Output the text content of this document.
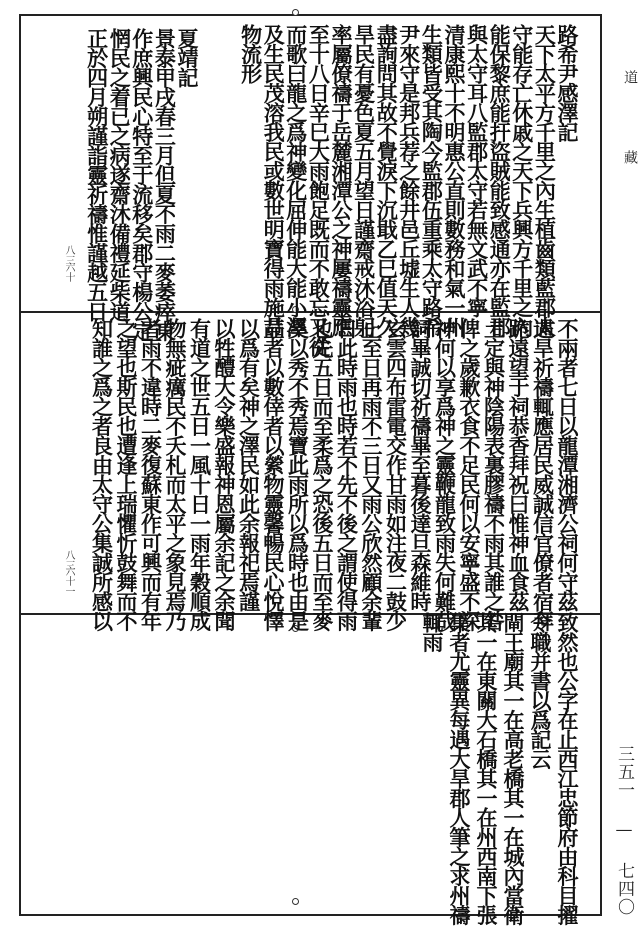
道
藏
三五一 — 七四〇
路希尹感澤記
天下太平方千里之內生植齒類藍郡太
守能存亡休戚之天下兵興方千里之內
能保黎庶能扞盜賊能致感通亦在監郡
與太守耳八監郡太守若無文武不寧
清康熙十不明惠公直則數務和氣一州
生類皆受其陶今監郡伍重乘太守路希
尹來守是邦兵荐之餘井邑丘墟生人幾
盡詢問其故不覺淚下沉戢乙巳值天久
旱民有憂色夏五月望日謹齋戒沐浴躬
率屬僚禱于岳麓湘潭公之神屢禱靈應
至十八日辛巳大雨飽足既而不敢忘又從
而歌曰龍之爲神變化屈伸能大能小澤
及生民茂溶我民或數世明寶得雨施品
物流形
夏靖記
景泰甲戌春三月但夏不雨二麥萎瘁東
作庶興民心特至于流移矣郡守楊公定
惘民之着已之病遂齋沐備禮延柴道
正於四月朔謹詣靈祈禱惟謹越五日
不兩者七日以龍潭湘濟公祠何守茲
遇旱祈禱輒應居民威誠信官僚者宿拜
跪遠望于祠恭香拜祝曰惟神血食茲
土定與神陰陽表裏膠禱不雨其誰之咎
俾之歲歉衣食不足民何以安寧盛不深
神何以享爲神之靈鞭龍致雨失何難哉
詞畢誠切祈禱畢至暮後達旦森維時
玄雲四布雷電交作甘雨如注夜二鼓少
止至日再雨不三日又雨公欣然顧余輩
日此時雨也時若不先不後之謂使得雨
也先五日而至柔爲之恐後五日而至麥
奚以秀不秀焉寶此雨所以爲時也由是
荳者以數倖者以縈物靈馨暢民心悅懌
以爲有矣神之澤民如此余報祀焉謹
以牲醴大令樂盛報神恩屬余記之余聞
有道之世五日一風十日一雨年穀順成
物無疵癘民不夭札而太平之象見焉乃
者雨不違時二麥復蘇東作可興而有年
之望也斯民也遭逢上瑞懼忻鼓舞而不
知誰之爲之者良由太守公集誠所感以
致然也公字在止西江忠節府由科目擢
令職并書以爲記云
閘王廟其一在高老橋其一在城內當衛
其一在東關大石橋其一在州西南下張
集者尤靈異每遇大旱郡人筆之求州禱
輒雨
八三
六十
八三
六十一
